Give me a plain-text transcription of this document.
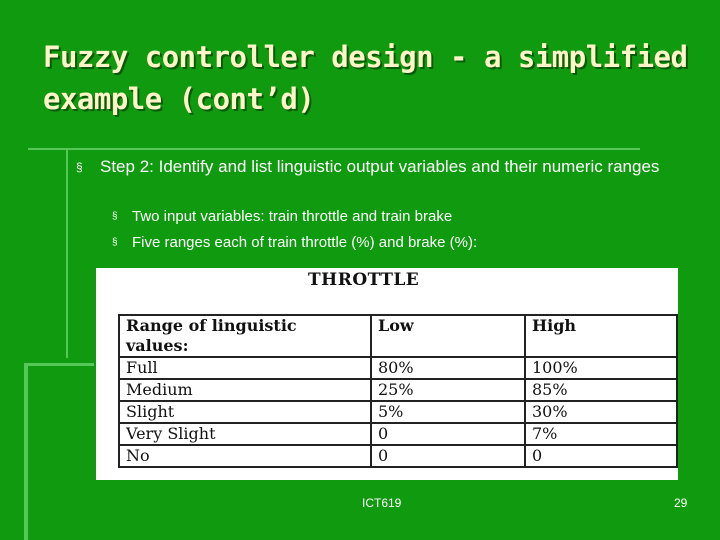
Fuzzy controller design - a simplified example (cont’d)
§	Step 2: Identify and list linguistic output variables and their numeric ranges
§ Two input variables: train throttle and train brake
§ Five ranges each of train throttle (%) and brake (%):
THROTTLE
Range of linguistic values:	Low	High
Full	80%	100%
Medium	25%	85%
Slight	5%	30%
Very Slight	0	7%
No	0	0
ICT619	29
